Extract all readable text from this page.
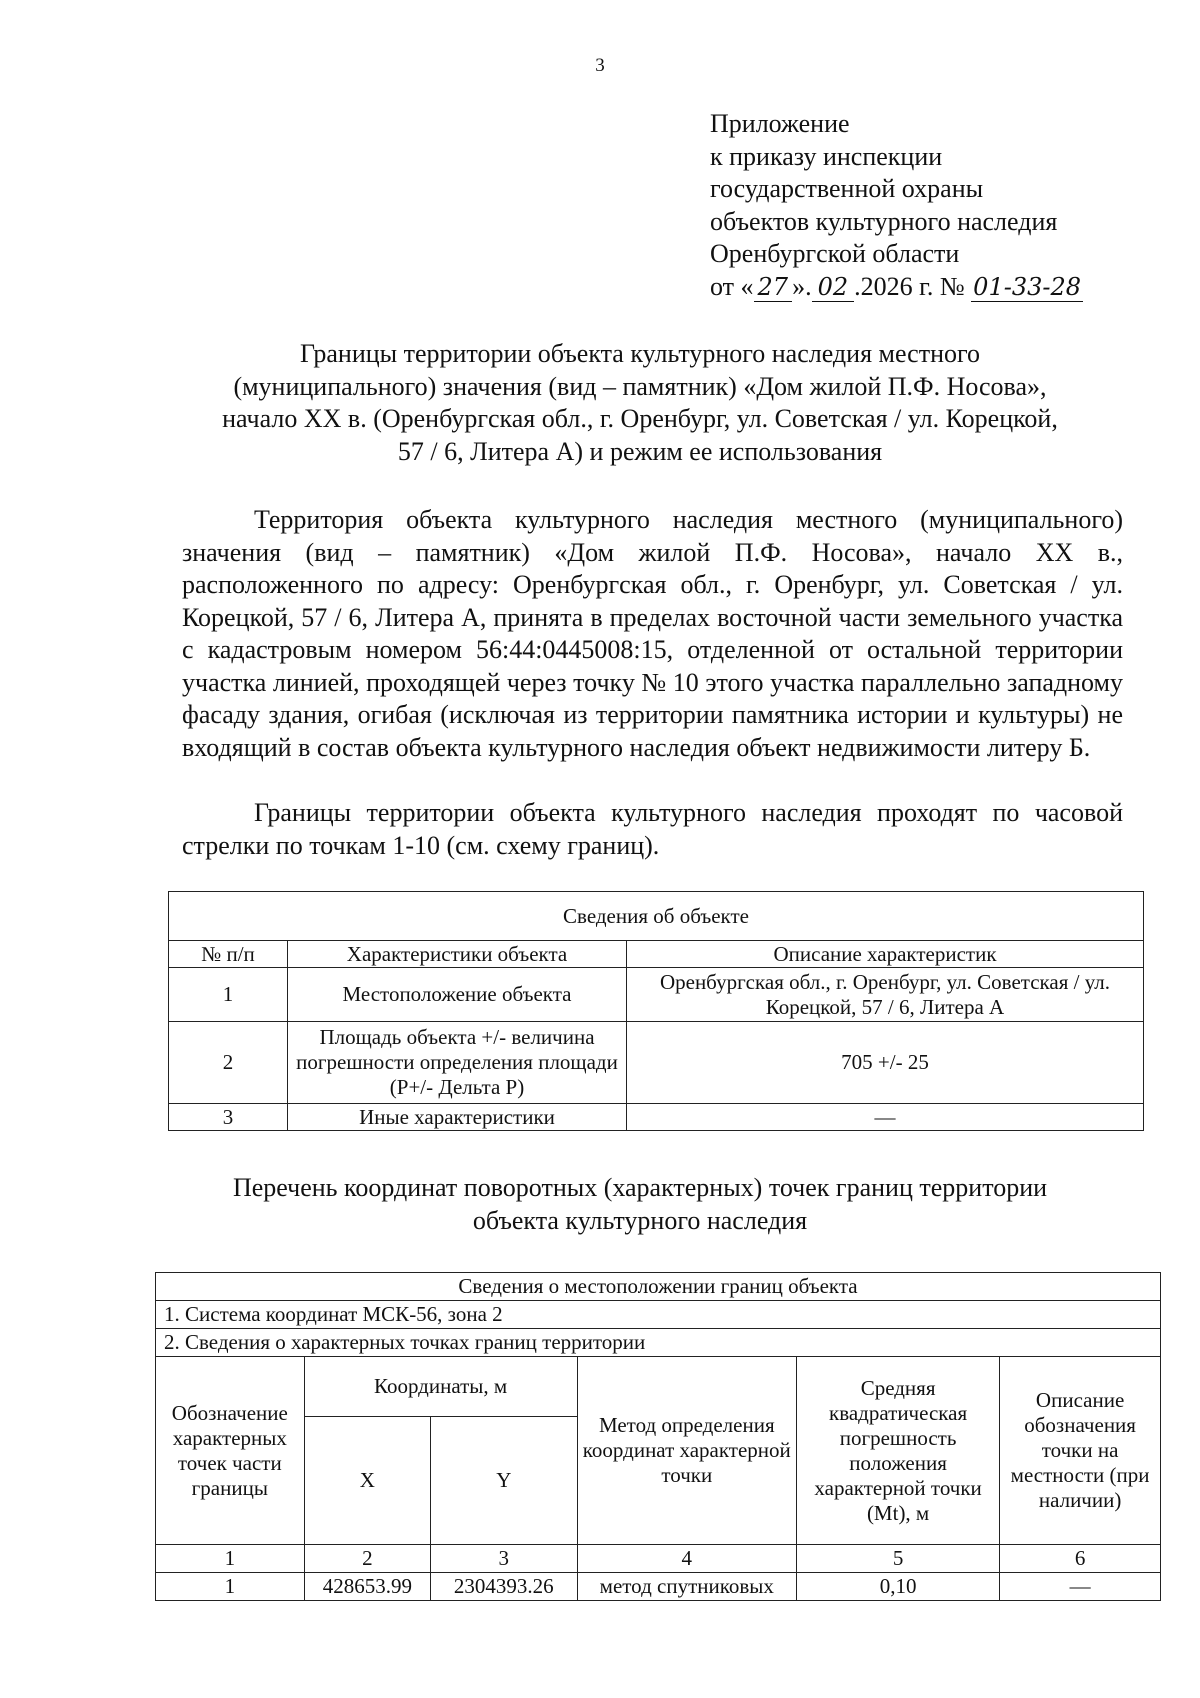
3
Приложение
к приказу инспекции
государственной охраны
объектов культурного наследия
Оренбургской области
от « 27 ». 02 .2026 г. № 01-33-28
Границы территории объекта культурного наследия местного
(муниципального) значения (вид – памятник) «Дом жилой П.Ф. Носова»,
начало XX в. (Оренбургская обл., г. Оренбург, ул. Советская / ул. Корецкой,
57 / 6, Литера А) и режим ее использования

Территория объекта культурного наследия местного (муниципального) значения (вид – памятник) «Дом жилой П.Ф. Носова», начало XX в., расположенного по адресу: Оренбургская обл., г. Оренбург, ул. Советская / ул. Корецкой, 57 / 6, Литера А, принята в пределах восточной части земельного участка с кадастровым номером 56:44:0445008:15, отделенной от остальной территории участка линией, проходящей через точку № 10 этого участка параллельно западному фасаду здания, огибая (исключая из территории памятника истории и культуры) не входящий в состав объекта культурного наследия объект недвижимости литеру Б.

Границы территории объекта культурного наследия проходят по часовой стрелки по точкам 1-10 (см. схему границ).

Сведения об объекте		
№ п/п	Характеристики объекта	Описание характеристик
1	Местоположение объекта	Оренбургская обл., г. Оренбург, ул. Советская / ул. Корецкой, 57 / 6, Литера А
2	Площадь объекта +/- величина погрешности определения площади (Р+/- Дельта Р)	705 +/- 25
3	Иные характеристики	—
Перечень координат поворотных (характерных) точек границ территории
объекта культурного наследия
Сведения о местоположении границ объекта					
1. Система координат МСК-56, зона 2					
2. Сведения о характерных точках границ территории					
Обозначение характерных точек части границы	Координаты, м		Метод определения координат характерной точки	Средняя квадратическая погрешность положения характерной точки (Mt), м	Описание обозначения точки на местности (при наличии)
	X	Y			
1	2	3	4	5	6
1	428653.99	2304393.26	метод спутниковых	0,10	—
